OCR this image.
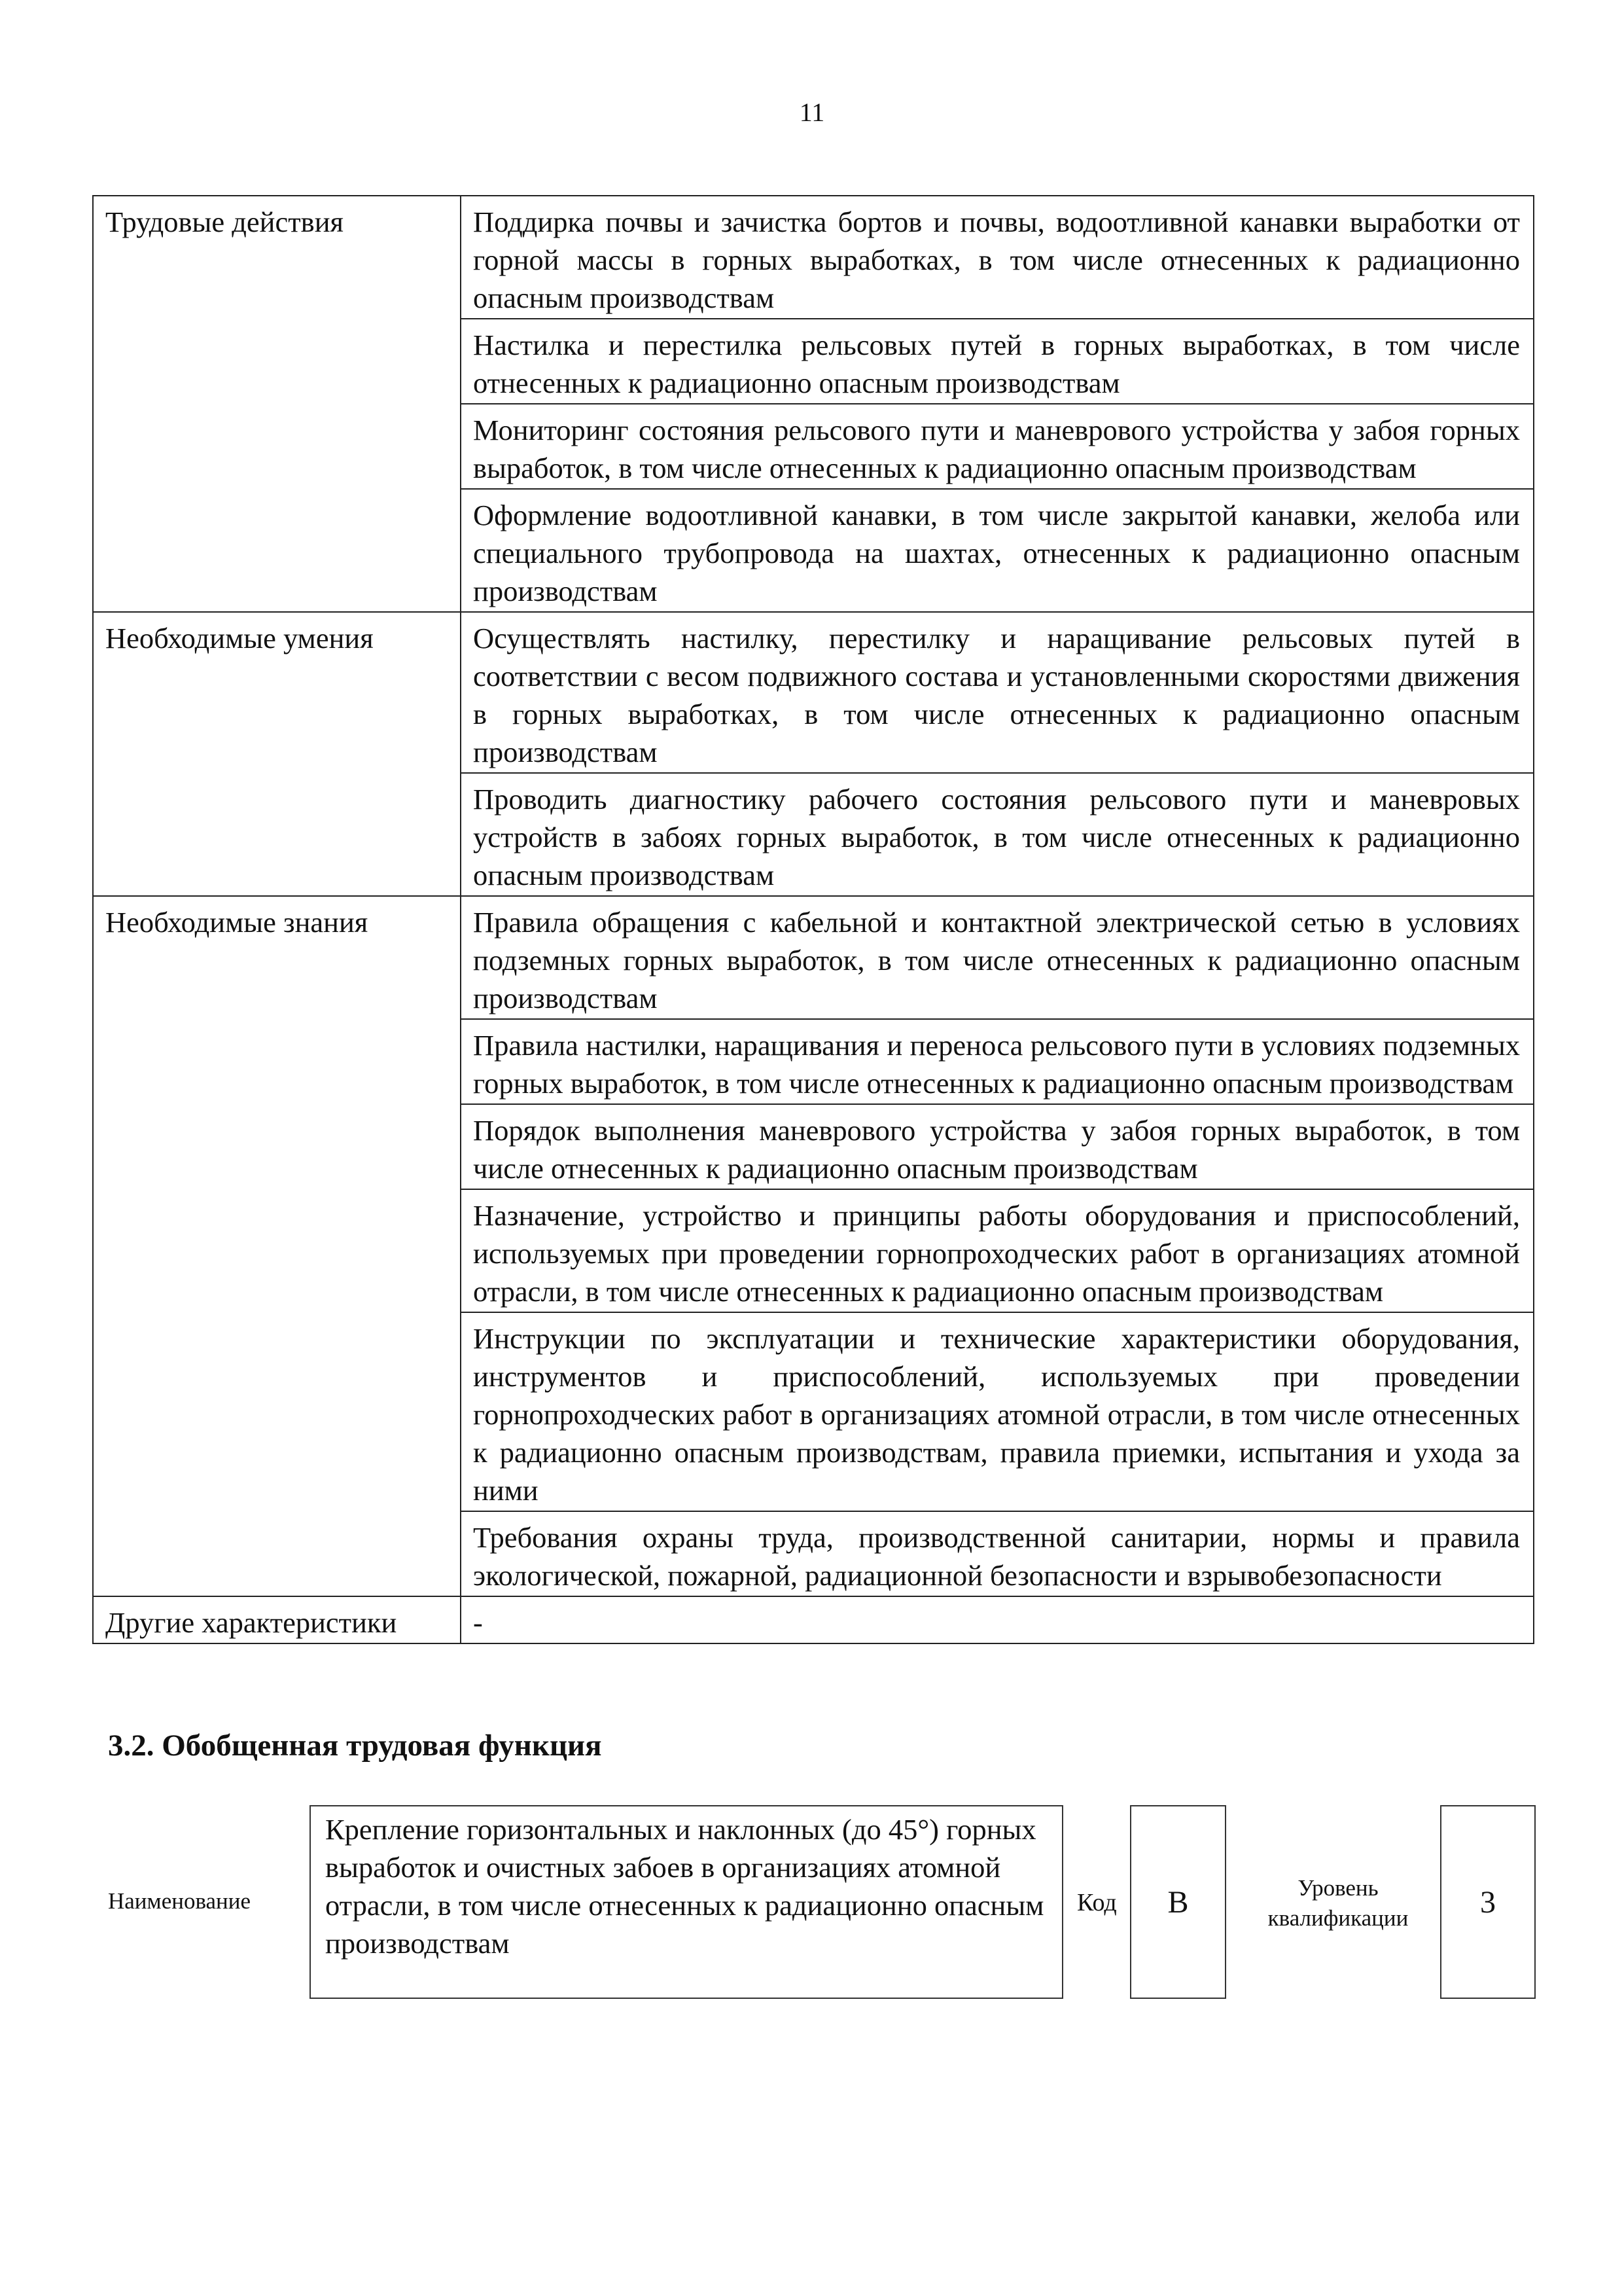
11
Трудовые действия	Поддирка почвы и зачистка бортов и почвы, водоотливной канавки выработки от горной массы в горных выработках, в том числе отнесенных к радиационно опасным производствам
	Настилка и перестилка рельсовых путей в горных выработках, в том числе отнесенных к радиационно опасным производствам
	Мониторинг состояния рельсового пути и маневрового устройства у забоя горных выработок, в том числе отнесенных к радиационно опасным производствам
	Оформление водоотливной канавки, в том числе закрытой канавки, желоба или специального трубопровода на шахтах, отнесенных к радиационно опасным производствам
Необходимые умения	Осуществлять настилку, перестилку и наращивание рельсовых путей в соответствии с весом подвижного состава и установленными скоростями движения в горных выработках, в том числе отнесенных к радиационно опасным производствам
	Проводить диагностику рабочего состояния рельсового пути и маневровых устройств в забоях горных выработок, в том числе отнесенных к радиационно опасным производствам
Необходимые знания	Правила обращения с кабельной и контактной электрической сетью в условиях подземных горных выработок, в том числе отнесенных к радиационно опасным производствам
	Правила настилки, наращивания и переноса рельсового пути в условиях подземных горных выработок, в том числе отнесенных к радиационно опасным производствам
	Порядок выполнения маневрового устройства у забоя горных выработок, в том числе отнесенных к радиационно опасным производствам
	Назначение, устройство и принципы работы оборудования и приспособлений, используемых при проведении горнопроходческих работ в организациях атомной отрасли, в том числе отнесенных к радиационно опасным производствам
	Инструкции по эксплуатации и технические характеристики оборудования, инструментов и приспособлений, используемых при проведении горнопроходческих работ в организациях атомной отрасли, в том числе отнесенных к радиационно опасным производствам, правила приемки, испытания и ухода за ними
	Требования охраны труда, производственной санитарии, нормы и правила экологической, пожарной, радиационной безопасности и взрывобезопасности
Другие характеристики	-
3.2. Обобщенная трудовая функция
Наименование
Крепление горизонтальных и наклонных (до 45°) горных выработок и очистных забоев в организациях атомной отрасли, в том числе отнесенных к радиационно опасным производствам
Код	В	Уровень квалификации	3
